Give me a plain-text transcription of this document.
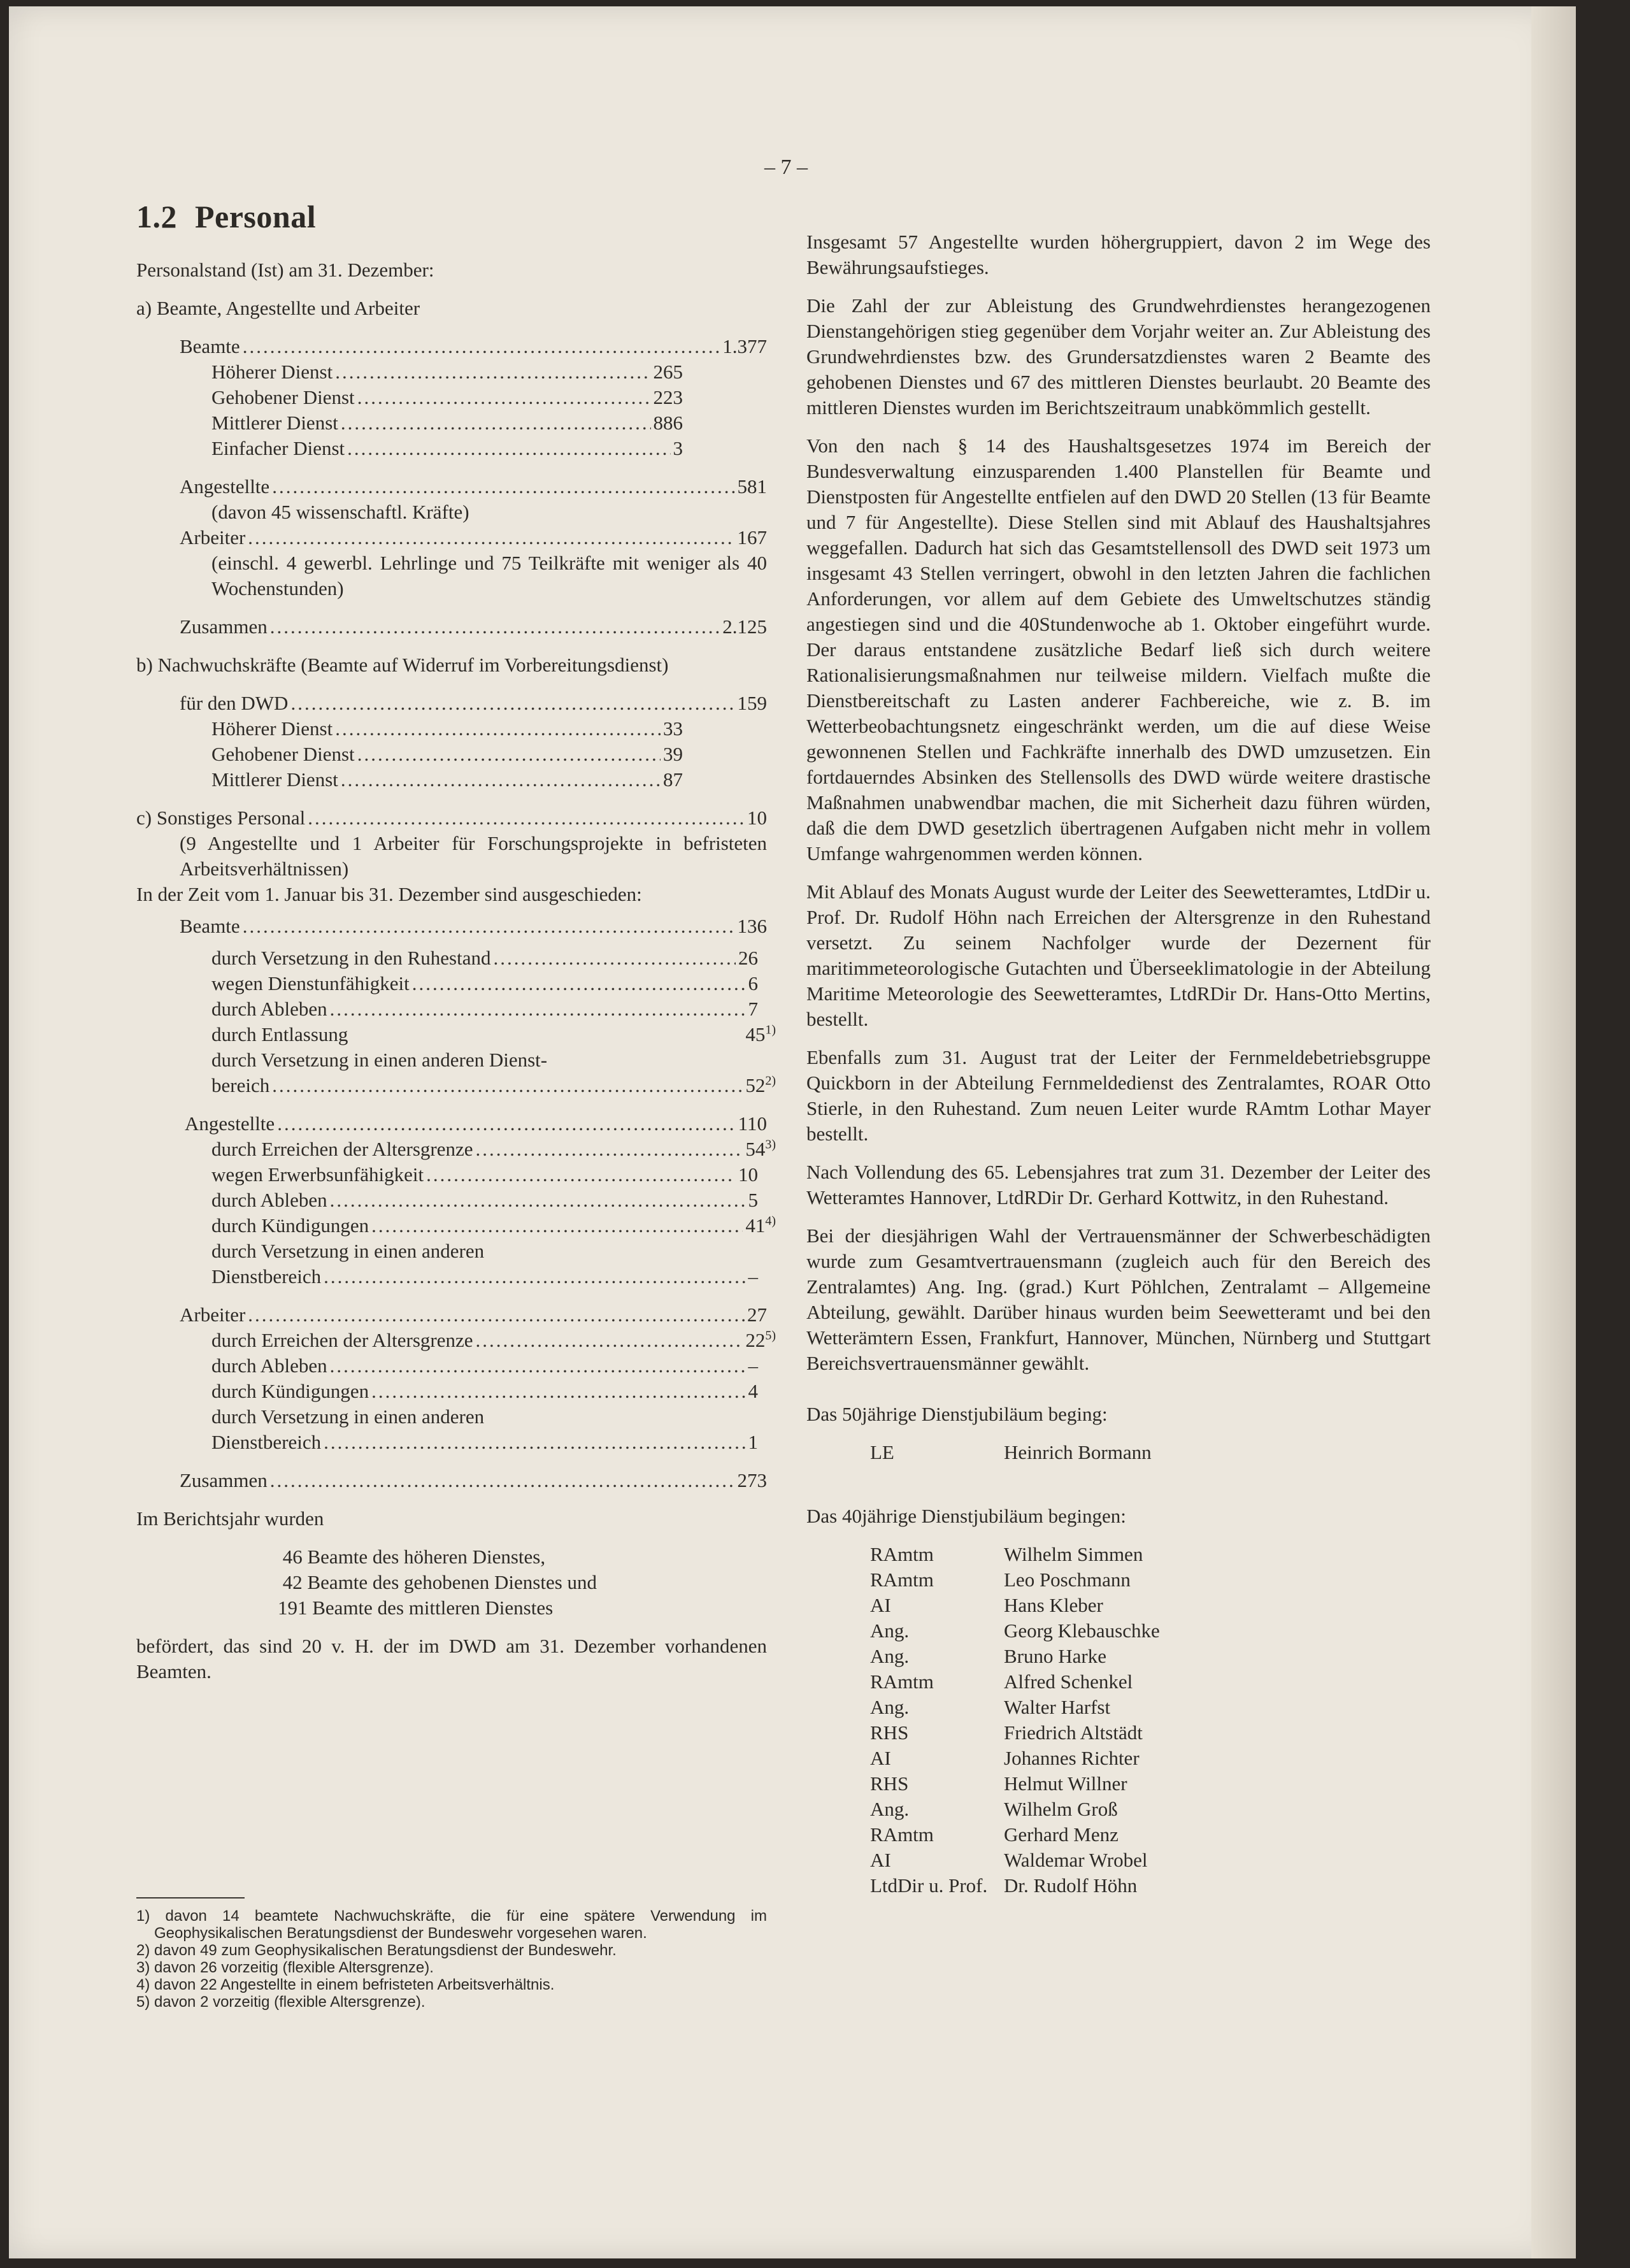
– 7 –
1.2 Personal

Personalstand (Ist) am 31. Dezember:

a) Beamte, Angestellte und Arbeiter

Beamte .....	1.377
Höherer Dienst .....	265
Gehobener Dienst .....	223
Mittlerer Dienst .....	886
Einfacher Dienst .....	3
Angestellte .....	581

(davon 45 wissenschaftl. Kräfte)

Arbeiter .....	167

(einschl. 4 gewerbl. Lehrlinge und 75 Teilkräfte mit weniger als 40 Wochenstunden)

Zusammen .....	2.125

b) Nachwuchskräfte (Beamte auf Widerruf im Vorbereitungsdienst)

für den DWD .....	159
Höherer Dienst .....	33
Gehobener Dienst .....	39
Mittlerer Dienst .....	87
c) Sonstiges Personal .....	10

(9 Angestellte und 1 Arbeiter für Forschungsprojekte in befristeten Arbeitsverhältnissen)

In der Zeit vom 1. Januar bis 31. Dezember sind ausgeschieden:

Beamte .....	136
durch Versetzung in den Ruhestand .....	26
wegen Dienstunfähigkeit .....	6
durch Ableben .....	7
durch Entlassung	45$^{1)}$

durch Versetzung in einen anderen Dienst-

bereich .....	52$^{2)}$
Angestellte .....	110
durch Erreichen der Altersgrenze .....	54$^{3)}$
wegen Erwerbsunfähigkeit .....	10
durch Ableben .....	5
durch Kündigungen .....	41$^{4)}$

durch Versetzung in einen anderen

Dienstbereich .....	–
Arbeiter .....	27
durch Erreichen der Altersgrenze .....	22$^{5)}$
durch Ableben .....	–
durch Kündigungen .....	4

durch Versetzung in einen anderen

Dienstbereich .....	1
Zusammen .....	273

Im Berichtsjahr wurden

46 Beamte des höheren Dienstes,

42 Beamte des gehobenen Dienstes und

191 Beamte des mittleren Dienstes

befördert, das sind 20 v. H. der im DWD am 31. Dezember vorhandenen Beamten.

1) davon 14 beamtete Nachwuchskräfte, die für eine spätere Verwendung im Geophysikalischen Beratungsdienst der Bundeswehr vorgesehen waren.

2) davon 49 zum Geophysikalischen Beratungsdienst der Bundeswehr.

3) davon 26 vorzeitig (flexible Altersgrenze).

4) davon 22 Angestellte in einem befristeten Arbeitsverhältnis.

5) davon 2 vorzeitig (flexible Altersgrenze).

Insgesamt 57 Angestellte wurden höhergruppiert, davon 2 im Wege des Bewährungsaufstieges.

Die Zahl der zur Ableistung des Grundwehrdienstes herangezogenen Dienstangehörigen stieg gegenüber dem Vorjahr weiter an. Zur Ableistung des Grundwehrdienstes bzw. des Grundersatzdienstes waren 2 Beamte des gehobenen Dienstes und 67 des mittleren Dienstes beurlaubt. 20 Beamte des mittleren Dienstes wurden im Berichtszeitraum unabkömmlich gestellt.

Von den nach § 14 des Haushaltsgesetzes 1974 im Bereich der Bundesverwaltung einzusparenden 1.400 Planstellen für Beamte und Dienstposten für Angestellte entfielen auf den DWD 20 Stellen (13 für Beamte und 7 für Angestellte). Diese Stellen sind mit Ablauf des Haushaltsjahres weggefallen. Dadurch hat sich das Gesamtstellensoll des DWD seit 1973 um insgesamt 43 Stellen verringert, obwohl in den letzten Jahren die fachlichen Anforderungen, vor allem auf dem Gebiete des Umweltschutzes ständig angestiegen sind und die 40Stundenwoche ab 1. Oktober eingeführt wurde. Der daraus entstandene zusätzliche Bedarf ließ sich durch weitere Rationalisierungsmaßnahmen nur teilweise mildern. Vielfach mußte die Dienstbereitschaft zu Lasten anderer Fachbereiche, wie z. B. im Wetterbeobachtungsnetz eingeschränkt werden, um die auf diese Weise gewonnenen Stellen und Fachkräfte innerhalb des DWD umzusetzen. Ein fortdauerndes Absinken des Stellensolls des DWD würde weitere drastische Maßnahmen unabwendbar machen, die mit Sicherheit dazu führen würden, daß die dem DWD gesetzlich übertragenen Aufgaben nicht mehr in vollem Umfange wahrgenommen werden können.

Mit Ablauf des Monats August wurde der Leiter des Seewetteramtes, LtdDir u. Prof. Dr. Rudolf Höhn nach Erreichen der Altersgrenze in den Ruhestand versetzt. Zu seinem Nachfolger wurde der Dezernent für maritimmeteorologische Gutachten und Überseeklimatologie in der Abteilung Maritime Meteorologie des Seewetteramtes, LtdRDir Dr. Hans-Otto Mertins, bestellt.

Ebenfalls zum 31. August trat der Leiter der Fernmeldebetriebsgruppe Quickborn in der Abteilung Fernmeldedienst des Zentralamtes, ROAR Otto Stierle, in den Ruhestand. Zum neuen Leiter wurde RAmtm Lothar Mayer bestellt.

Nach Vollendung des 65. Lebensjahres trat zum 31. Dezember der Leiter des Wetteramtes Hannover, LtdRDir Dr. Gerhard Kottwitz, in den Ruhestand.

Bei der diesjährigen Wahl der Vertrauensmänner der Schwerbeschädigten wurde zum Gesamtvertrauensmann (zugleich auch für den Bereich des Zentralamtes) Ang. Ing. (grad.) Kurt Pöhlchen, Zentralamt – Allgemeine Abteilung, gewählt. Darüber hinaus wurden beim Seewetteramt und bei den Wetterämtern Essen, Frankfurt, Hannover, München, Nürnberg und Stuttgart Bereichsvertrauensmänner gewählt.

Das 50jährige Dienstjubiläum beging:

LE	Heinrich Bormann

Das 40jährige Dienstjubiläum begingen:

RAmtm	Wilhelm Simmen
RAmtm	Leo Poschmann
AI	Hans Kleber
Ang.	Georg Klebauschke
Ang.	Bruno Harke
RAmtm	Alfred Schenkel
Ang.	Walter Harfst
RHS	Friedrich Altstädt
AI	Johannes Richter
RHS	Helmut Willner
Ang.	Wilhelm Groß
RAmtm	Gerhard Menz
AI	Waldemar Wrobel
LtdDir u. Prof. Dr. Rudolf Höhn
